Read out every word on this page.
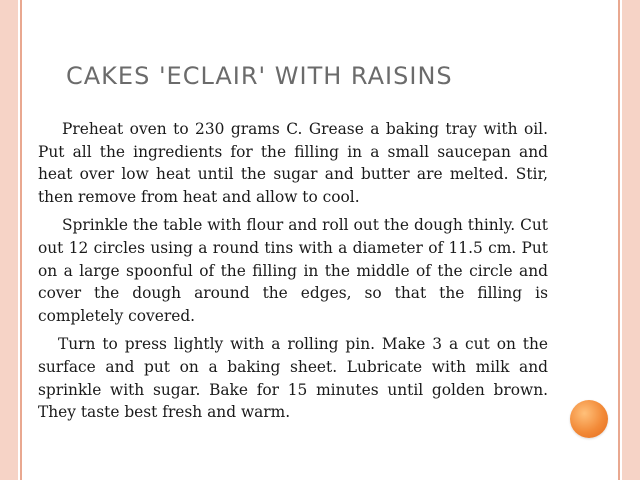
CAKES 'ECLAIR' WITH RAISINS

Preheat oven to 230 grams C. Grease a baking tray with oil. Put all the ingredients for the filling in a small saucepan and heat over low heat until the sugar and butter are melted. Stir, then remove from heat and allow to cool.

Sprinkle the table with flour and roll out the dough thinly. Cut out 12 circles using a round tins with a diameter of 11.5 cm. Put on a large spoonful of the filling in the middle of the circle and cover the dough around the edges, so that the filling is completely covered.

Turn to press lightly with a rolling pin. Make 3 a cut on the surface and put on a baking sheet. Lubricate with milk and sprinkle with sugar. Bake for 15 minutes until golden brown. They taste best fresh and warm.
